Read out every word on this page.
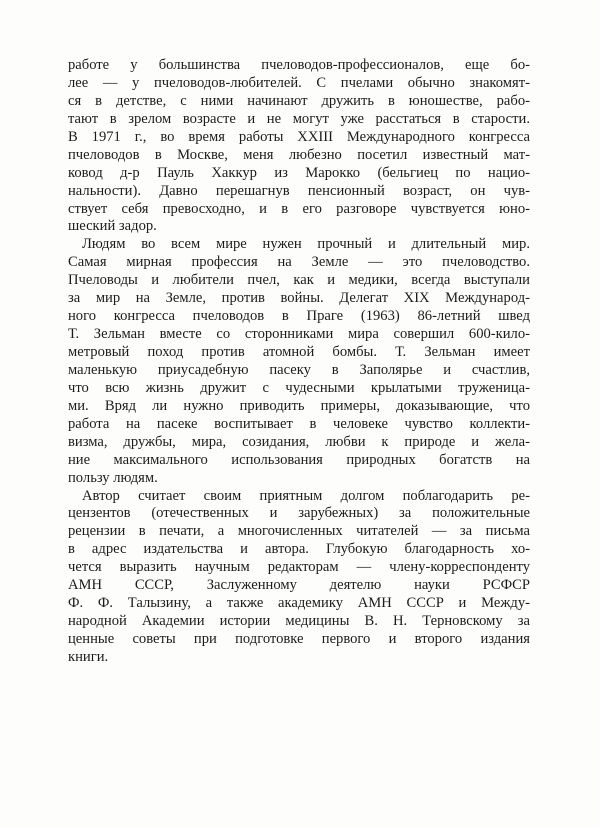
работе у большинства пчеловодов-профессионалов, еще бо-
лее — у пчеловодов-любителей. С пчелами обычно знакомят-
ся в детстве, с ними начинают дружить в юношестве, рабо-
тают в зрелом возрасте и не могут уже расстаться в старости.
В 1971 г., во время работы XXIII Международного конгресса
пчеловодов в Москве, меня любезно посетил известный мат-
ковод д-р Пауль Хаккур из Марокко (бельгиец по нацио-
нальности). Давно перешагнув пенсионный возраст, он чув-
ствует себя превосходно, и в его разговоре чувствуется юно-
шеский задор.
Людям во всем мире нужен прочный и длительный мир.
Самая мирная профессия на Земле — это пчеловодство.
Пчеловоды и любители пчел, как и медики, всегда выступали
за мир на Земле, против войны. Делегат XIX Международ-
ного конгресса пчеловодов в Праге (1963) 86-летний швед
Т. Зельман вместе со сторонниками мира совершил 600-кило-
метровый поход против атомной бомбы. Т. Зельман имеет
маленькую приусадебную пасеку в Заполярье и счастлив,
что всю жизнь дружит с чудесными крылатыми труженица-
ми. Вряд ли нужно приводить примеры, доказывающие, что
работа на пасеке воспитывает в человеке чувство коллекти-
визма, дружбы, мира, созидания, любви к природе и жела-
ние максимального использования природных богатств на
пользу людям.
Автор считает своим приятным долгом поблагодарить ре-
цензентов (отечественных и зарубежных) за положительные
рецензии в печати, а многочисленных читателей — за письма
в адрес издательства и автора. Глубокую благодарность хо-
чется выразить научным редакторам — члену-корреспонденту
АМН СССР, Заслуженному деятелю науки РСФСР
Ф. Ф. Талызину, а также академику АМН СССР и Между-
народной Академии истории медицины В. Н. Терновскому за
ценные советы при подготовке первого и второго издания
книги.
